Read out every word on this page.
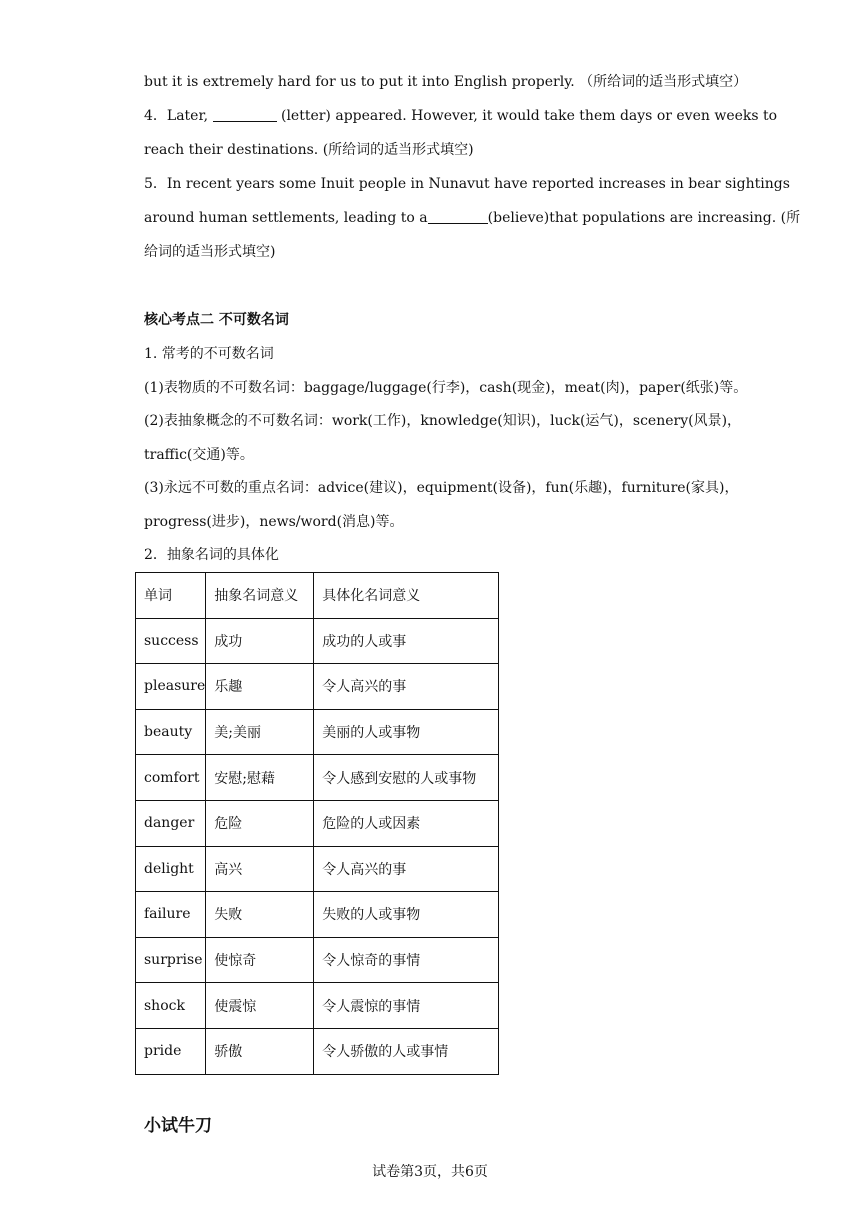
but it is extremely hard for us to put it into English properly. （所给词的适当形式填空）
4．Later,	(letter) appeared. However, it would take them days or even weeks to
reach their destinations. (所给词的适当形式填空)
5．In recent years some Inuit people in Nunavut have reported increases in bear sightings
around human settlements, leading to a	(believe)that populations are increasing. (所
给词的适当形式填空)
核心考点二 不可数名词
1. 常考的不可数名词
(1)表物质的不可数名词：baggage/luggage(行李)，cash(现金)，meat(肉)，paper(纸张)等。
(2)表抽象概念的不可数名词：work(工作)，knowledge(知识)，luck(运气)，scenery(风景)，
traffic(交通)等。
(3)永远不可数的重点名词：advice(建议)，equipment(设备)，fun(乐趣)，furniture(家具)，
progress(进步)，news/word(消息)等。
2．抽象名词的具体化
单词	抽象名词意义	具体化名词意义
success	成功	成功的人或事
pleasure	乐趣	令人高兴的事
beauty	美;美丽	美丽的人或事物
comfort	安慰;慰藉	令人感到安慰的人或事物
danger	危险	危险的人或因素
delight	高兴	令人高兴的事
failure	失败	失败的人或事物
surprise	使惊奇	令人惊奇的事情
shock	使震惊	令人震惊的事情
pride	骄傲	令人骄傲的人或事情
小试牛刀
试卷第3页，共6页
